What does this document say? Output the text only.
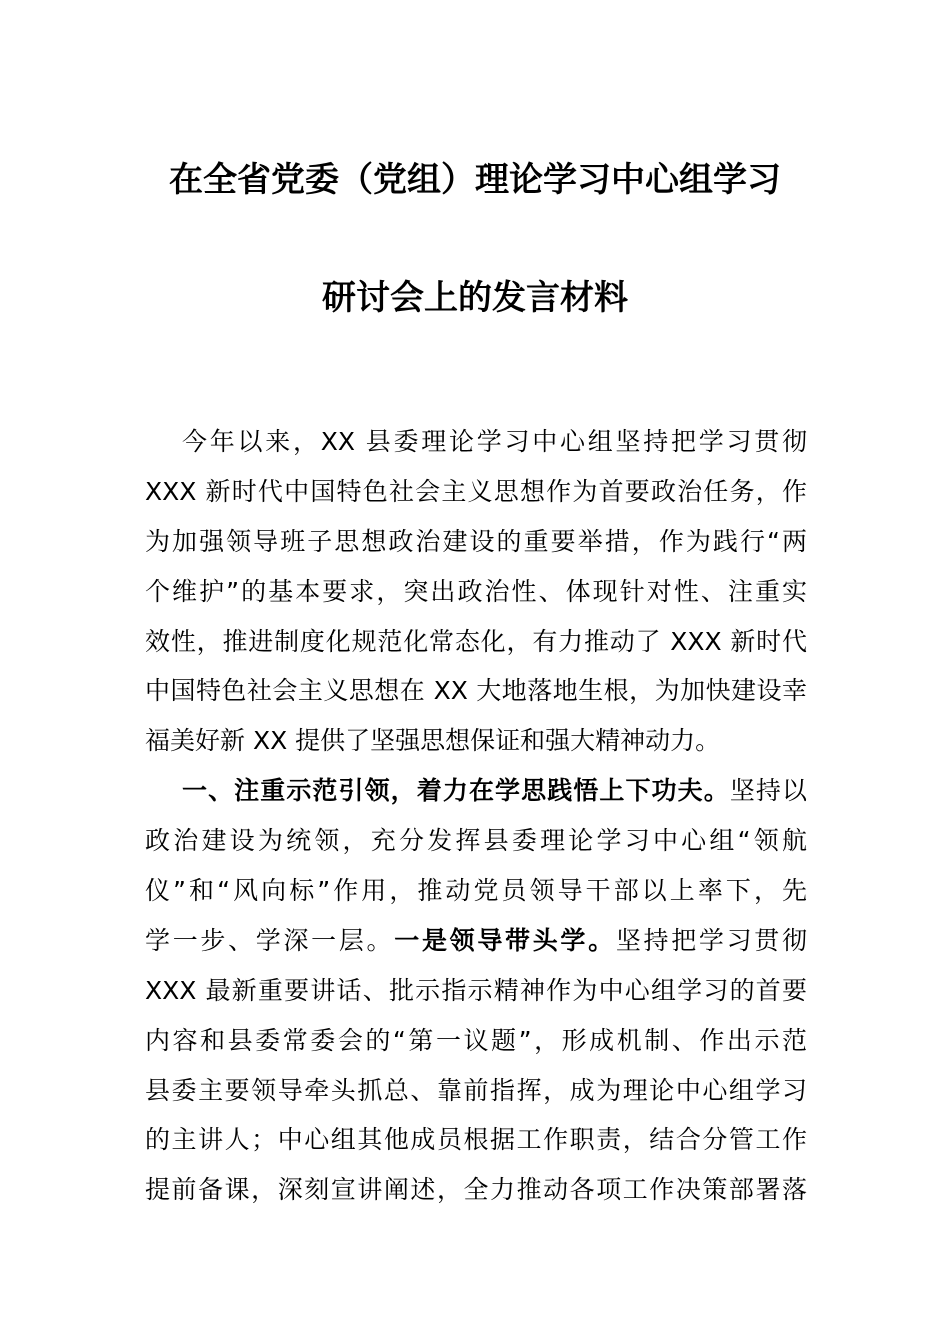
在全省党委（党组）理论学习中心组学习
研讨会上的发言材料
今年以来，XX 县委理论学习中心组坚持把学习贯彻
XXX 新时代中国特色社会主义思想作为首要政治任务，作
为加强领导班子思想政治建设的重要举措，作为践行“两
个维护”的基本要求，突出政治性、体现针对性、注重实
效性，推进制度化规范化常态化，有力推动了 XXX 新时代
中国特色社会主义思想在 XX 大地落地生根，为加快建设幸
福美好新 XX 提供了坚强思想保证和强大精神动力。
一、注重示范引领，着力在学思践悟上下功夫。坚持以
政治建设为统领，充分发挥县委理论学习中心组“领航
仪”和“风向标”作用，推动党员领导干部以上率下，先
学一步、学深一层。一是领导带头学。坚持把学习贯彻
XXX 最新重要讲话、批示指示精神作为中心组学习的首要
内容和县委常委会的“第一议题”，形成机制、作出示范
县委主要领导牵头抓总、靠前指挥，成为理论中心组学习
的主讲人；中心组其他成员根据工作职责，结合分管工作
提前备课，深刻宣讲阐述，全力推动各项工作决策部署落
